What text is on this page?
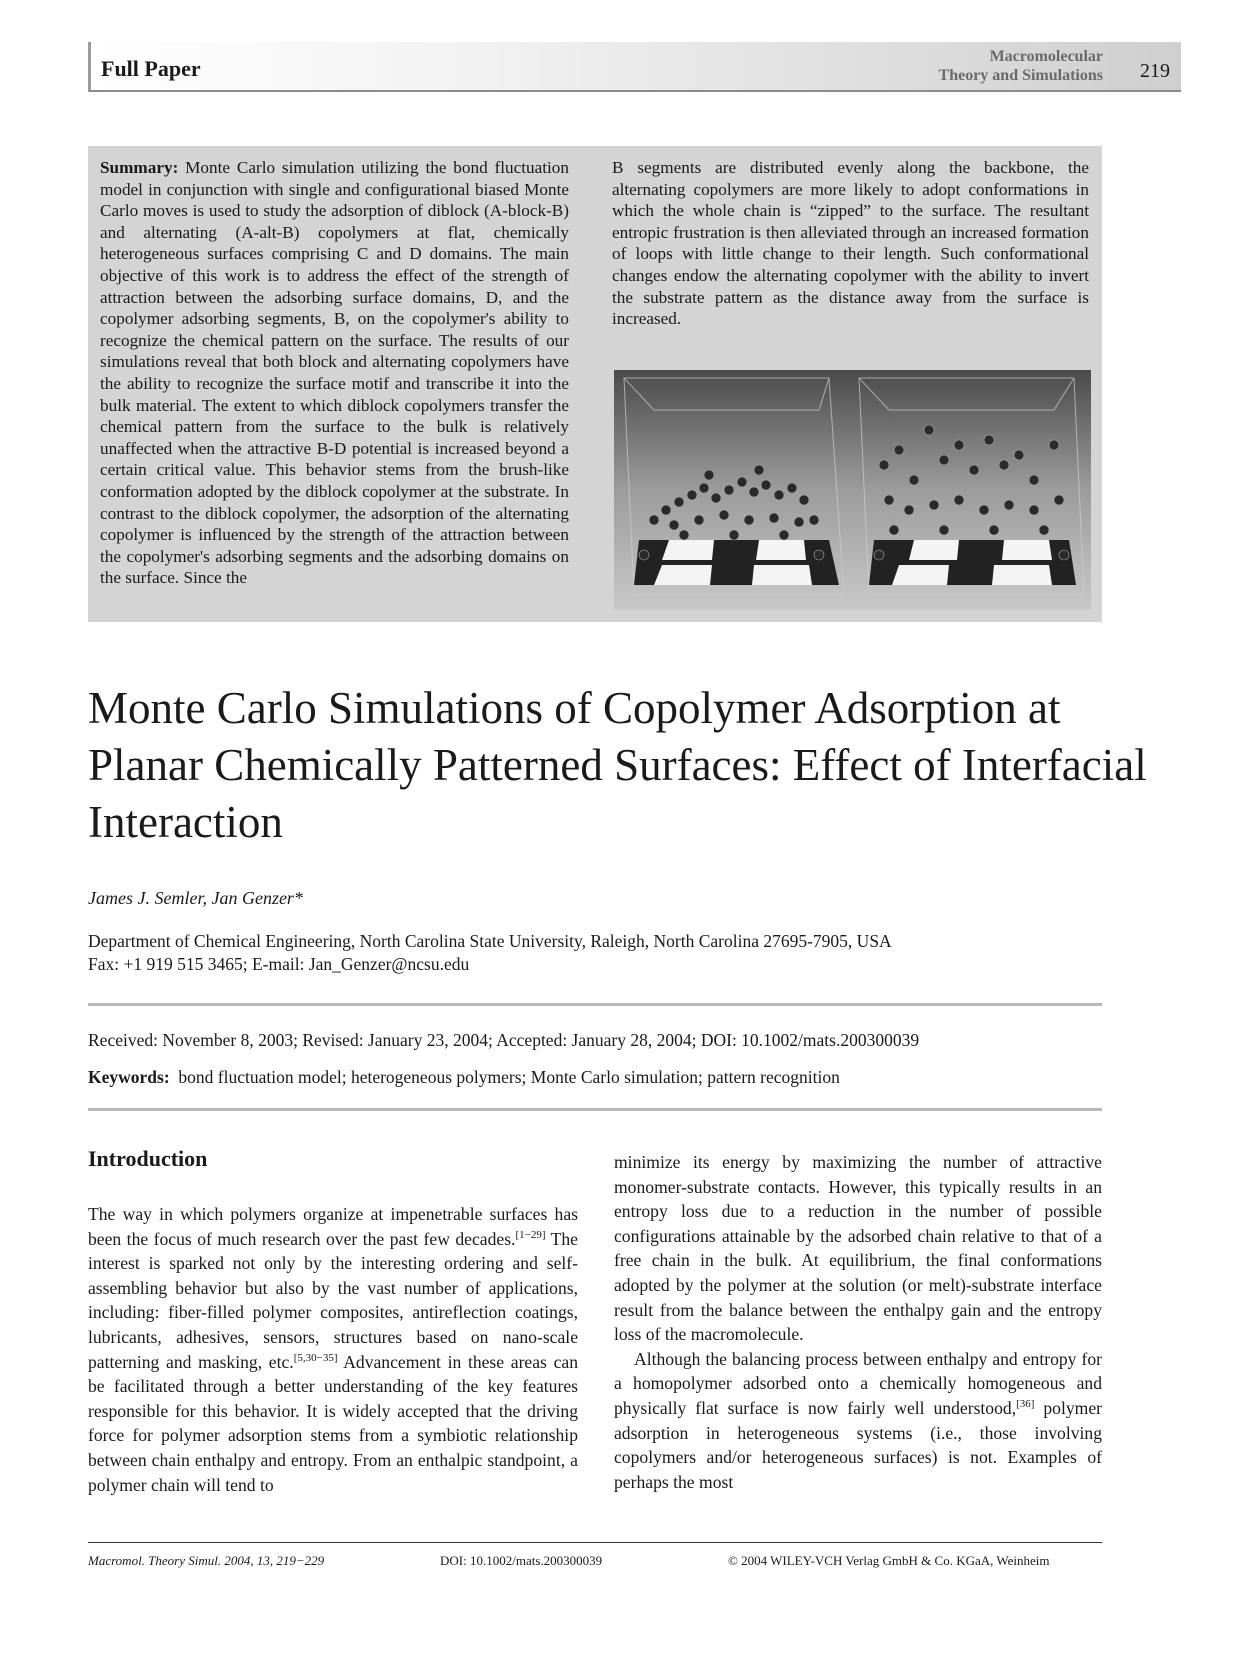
Full Paper	Macromolecular
Theory and Simulations 219
Summary: Monte Carlo simulation utilizing the bond fluctuation model in conjunction with single and configurational biased Monte Carlo moves is used to study the adsorption of diblock (A-block-B) and alternating (A-alt-B) copolymers at flat, chemically heterogeneous surfaces comprising C and D domains. The main objective of this work is to address the effect of the strength of attraction between the adsorbing surface domains, D, and the copolymer adsorbing segments, B, on the copolymer's ability to recognize the chemical pattern on the surface. The results of our simulations reveal that both block and alternating copolymers have the ability to recognize the surface motif and transcribe it into the bulk material. The extent to which diblock copolymers transfer the chemical pattern from the surface to the bulk is relatively unaffected when the attractive B-D potential is increased beyond a certain critical value. This behavior stems from the brush-like conformation adopted by the diblock copolymer at the substrate. In contrast to the diblock copolymer, the adsorption of the alternating copolymer is influenced by the strength of the attraction between the copolymer's adsorbing segments and the adsorbing domains on the surface. Since the
B segments are distributed evenly along the backbone, the alternating copolymers are more likely to adopt conformations in which the whole chain is “zipped” to the surface. The resultant entropic frustration is then alleviated through an increased formation of loops with little change to their length. Such conformational changes endow the alternating copolymer with the ability to invert the substrate pattern as the distance away from the surface is increased.
Monte Carlo Simulations of Copolymer Adsorption at Planar Chemically Patterned Surfaces: Effect of Interfacial Interaction
James J. Semler, Jan Genzer*
Department of Chemical Engineering, North Carolina State University, Raleigh, North Carolina 27695-7905, USA
Fax: +1 919 515 3465; E-mail: Jan_Genzer@ncsu.edu
Received: November 8, 2003; Revised: January 23, 2004; Accepted: January 28, 2004; DOI: 10.1002/mats.200300039
Keywords: bond fluctuation model; heterogeneous polymers; Monte Carlo simulation; pattern recognition
Introduction

The way in which polymers organize at impenetrable surfaces has been the focus of much research over the past few decades.[1−29] The interest is sparked not only by the interesting ordering and self-assembling behavior but also by the vast number of applications, including: fiber-filled polymer composites, antireflection coatings, lubricants, adhesives, sensors, structures based on nano-scale patterning and masking, etc.[5,30−35] Advancement in these areas can be facilitated through a better understanding of the key features responsible for this behavior. It is widely accepted that the driving force for polymer adsorption stems from a symbiotic relationship between chain enthalpy and entropy. From an enthalpic standpoint, a polymer chain will tend to

minimize its energy by maximizing the number of attractive monomer-substrate contacts. However, this typically results in an entropy loss due to a reduction in the number of possible configurations attainable by the adsorbed chain relative to that of a free chain in the bulk. At equilibrium, the final conformations adopted by the polymer at the solution (or melt)-substrate interface result from the balance between the enthalpy gain and the entropy loss of the macromolecule.

Although the balancing process between enthalpy and entropy for a homopolymer adsorbed onto a chemically homogeneous and physically flat surface is now fairly well understood,[36] polymer adsorption in heterogeneous systems (i.e., those involving copolymers and/or heterogeneous surfaces) is not. Examples of perhaps the most

Macromol. Theory Simul. 2004, 13, 219−229	DOI: 10.1002/mats.200300039	© 2004 WILEY-VCH Verlag GmbH & Co. KGaA, Weinheim
